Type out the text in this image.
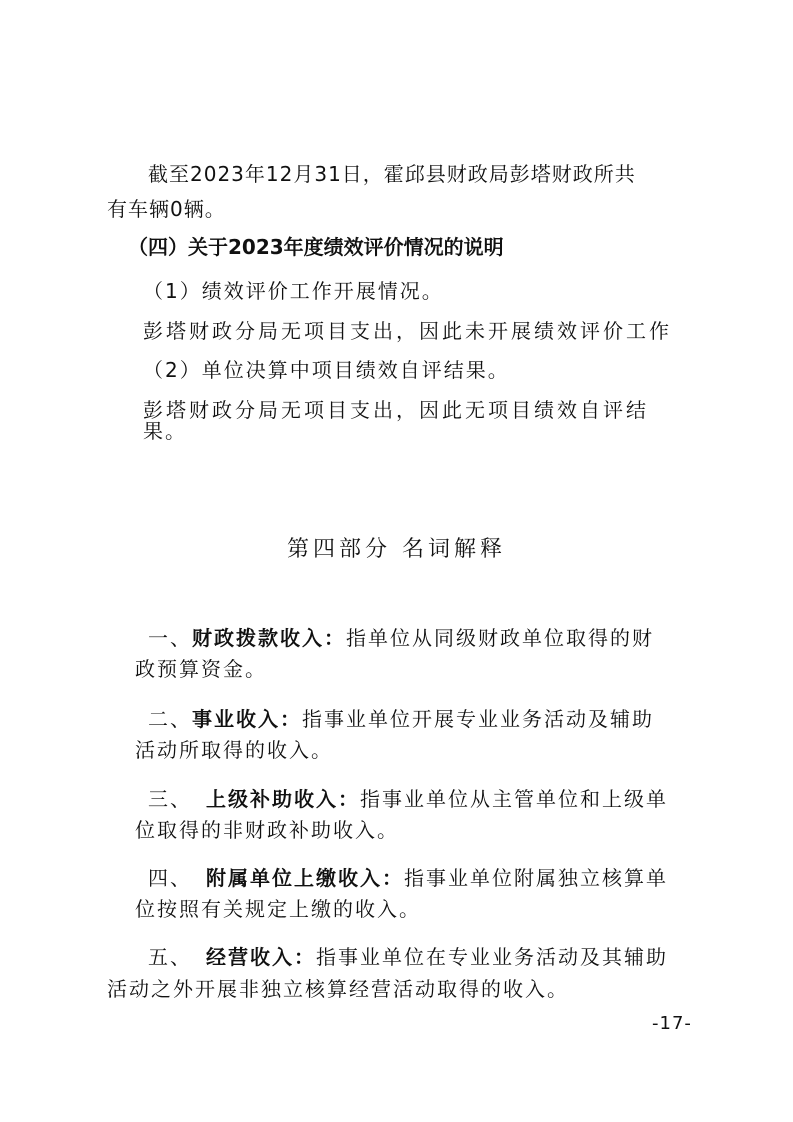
截至2023年12月31日，霍邱县财政局彭塔财政所共
有车辆0辆。
（四）关于2023年度绩效评价情况的说明
（1）绩效评价工作开展情况。
彭塔财政分局无项目支出，因此未开展绩效评价工作
（2）单位决算中项目绩效自评结果。
彭塔财政分局无项目支出，因此无项目绩效自评结
果。
第四部分 名词解释
一、财政拨款收入：指单位从同级财政单位取得的财
政预算资金。
二、事业收入：指事业单位开展专业业务活动及辅助
活动所取得的收入。
三、 上级补助收入：指事业单位从主管单位和上级单
位取得的非财政补助收入。
四、 附属单位上缴收入：指事业单位附属独立核算单
位按照有关规定上缴的收入。
五、 经营收入：指事业单位在专业业务活动及其辅助
活动之外开展非独立核算经营活动取得的收入。
-17-
